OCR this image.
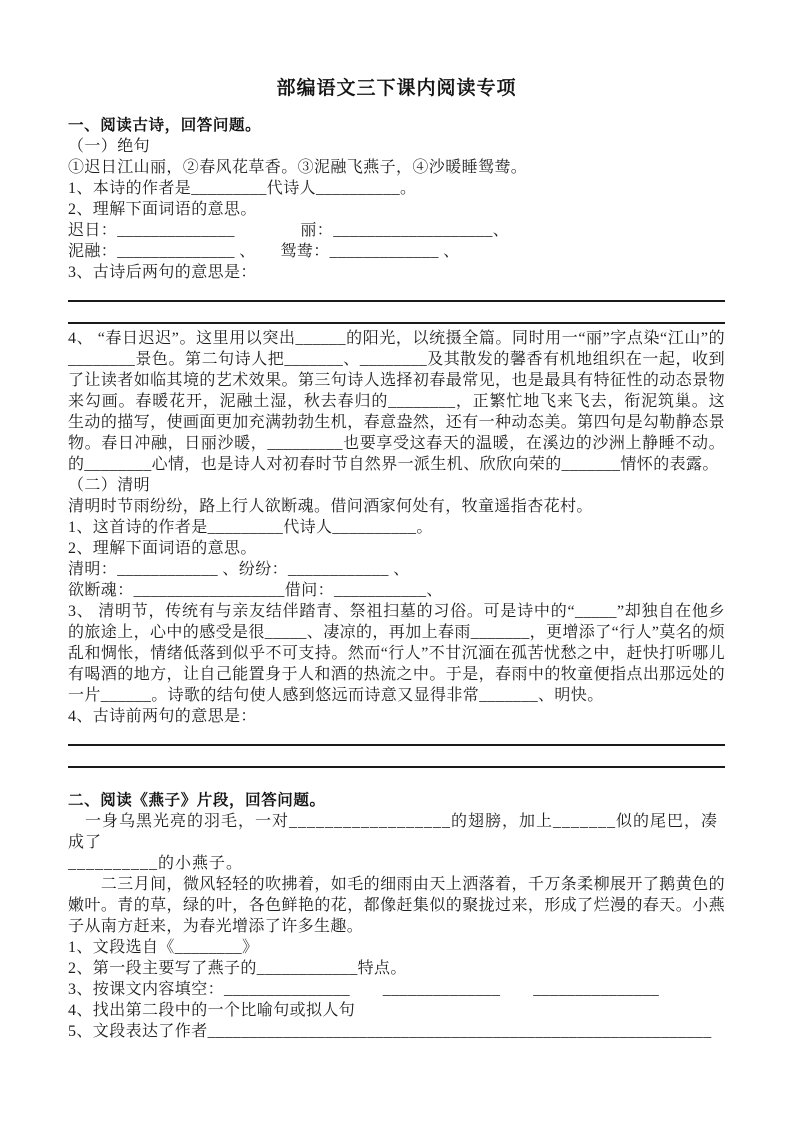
部编语文三下课内阅读专项
一、阅读古诗，回答问题。
（一）绝句
①迟日江山丽，②春风花草香。③泥融飞燕子，④沙暖睡鸳鸯。
1、本诗的作者是_________代诗人__________。
2、理解下面词语的意思。
迟日：______________　　　　丽：___________________、
泥融：______________ 、　　鸳鸯：_____________ 、
3、古诗后两句的意思是：
4、 “春日迟迟”。这里用以突出______的阳光，以统摄全篇。同时用一“丽”字点染“江山”的________景色。第二句诗人把_______、________及其散发的馨香有机地组织在一起，收到了让读者如临其境的艺术效果。第三句诗人选择初春最常见，也是最具有特征性的动态景物来勾画。春暖花开，泥融土湿，秋去春归的________，正繁忙地飞来飞去，衔泥筑巢。这生动的描写，使画面更加充满勃勃生机，春意盎然，还有一种动态美。第四句是勾勒静态景物。春日冲融，日丽沙暖，_________也要享受这春天的温暖，在溪边的沙洲上静睡不动。的________心情，也是诗人对初春时节自然界一派生机、欣欣向荣的_______情怀的表露。
（二）清明
清明时节雨纷纷，路上行人欲断魂。借问酒家何处有，牧童遥指杏花村。
1、这首诗的作者是_________代诗人__________。
2、理解下面词语的意思。
清明：____________ 、纷纷：____________ 、
欲断魂：__________________借问：___________、
3、 清明节，传统有与亲友结伴踏青、祭祖扫墓的习俗。可是诗中的“_____”却独自在他乡的旅途上，心中的感受是很_____、凄凉的，再加上春雨_______，更增添了“行人”莫名的烦乱和惆怅，情绪低落到似乎不可支持。然而“行人”不甘沉湎在孤苦忧愁之中，赶快打听哪儿有喝酒的地方，让自己能置身于人和酒的热流之中。于是，春雨中的牧童便指点出那远处的一片______。诗歌的结句使人感到悠远而诗意又显得非常_______、明快。
4、古诗前两句的意思是：
二、阅读《燕子》片段，回答问题。
　一身乌黑光亮的羽毛，一对__________________的翅膀，加上_______似的尾巴，凑成了
__________的小燕子。
　　二三月间，微风轻轻的吹拂着，如毛的细雨由天上洒落着，千万条柔柳展开了鹅黄色的嫩叶。青的草，绿的叶，各色鲜艳的花，都像赶集似的聚拢过来，形成了烂漫的春天。小燕子从南方赶来，为春光增添了许多生趣。
1、文段选自《________》
2、第一段主要写了燕子的____________特点。
3、按课文内容填空：_______________　　______________　　_______________
4、找出第二段中的一个比喻句或拟人句
5、文段表达了作者____________________________________________________________
